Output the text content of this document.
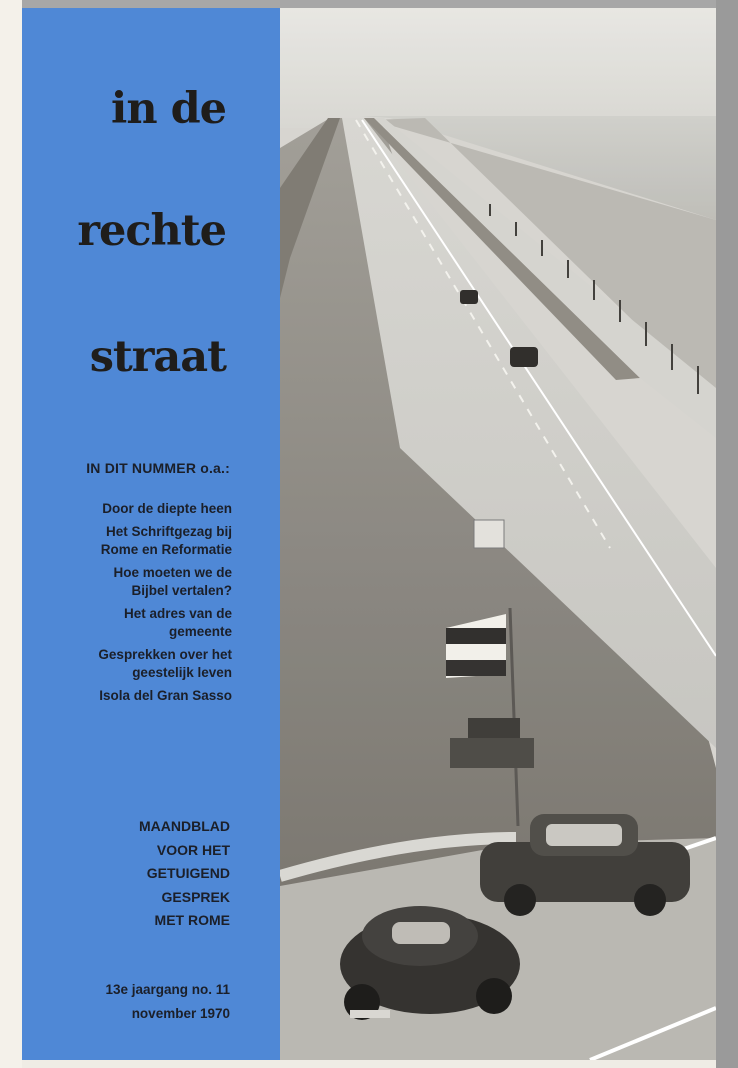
in de
rechte
straat
IN DIT NUMMER o.a.:
Door de diepte heen
Het Schriftgezag bij
Rome en Reformatie
Hoe moeten we de
Bijbel vertalen?
Het adres van de
gemeente
Gesprekken over het
geestelijk leven
Isola del Gran Sasso
MAANDBLAD
VOOR HET
GETUIGEND
GESPREK
MET ROME
13e jaargang no. 11
november 1970
